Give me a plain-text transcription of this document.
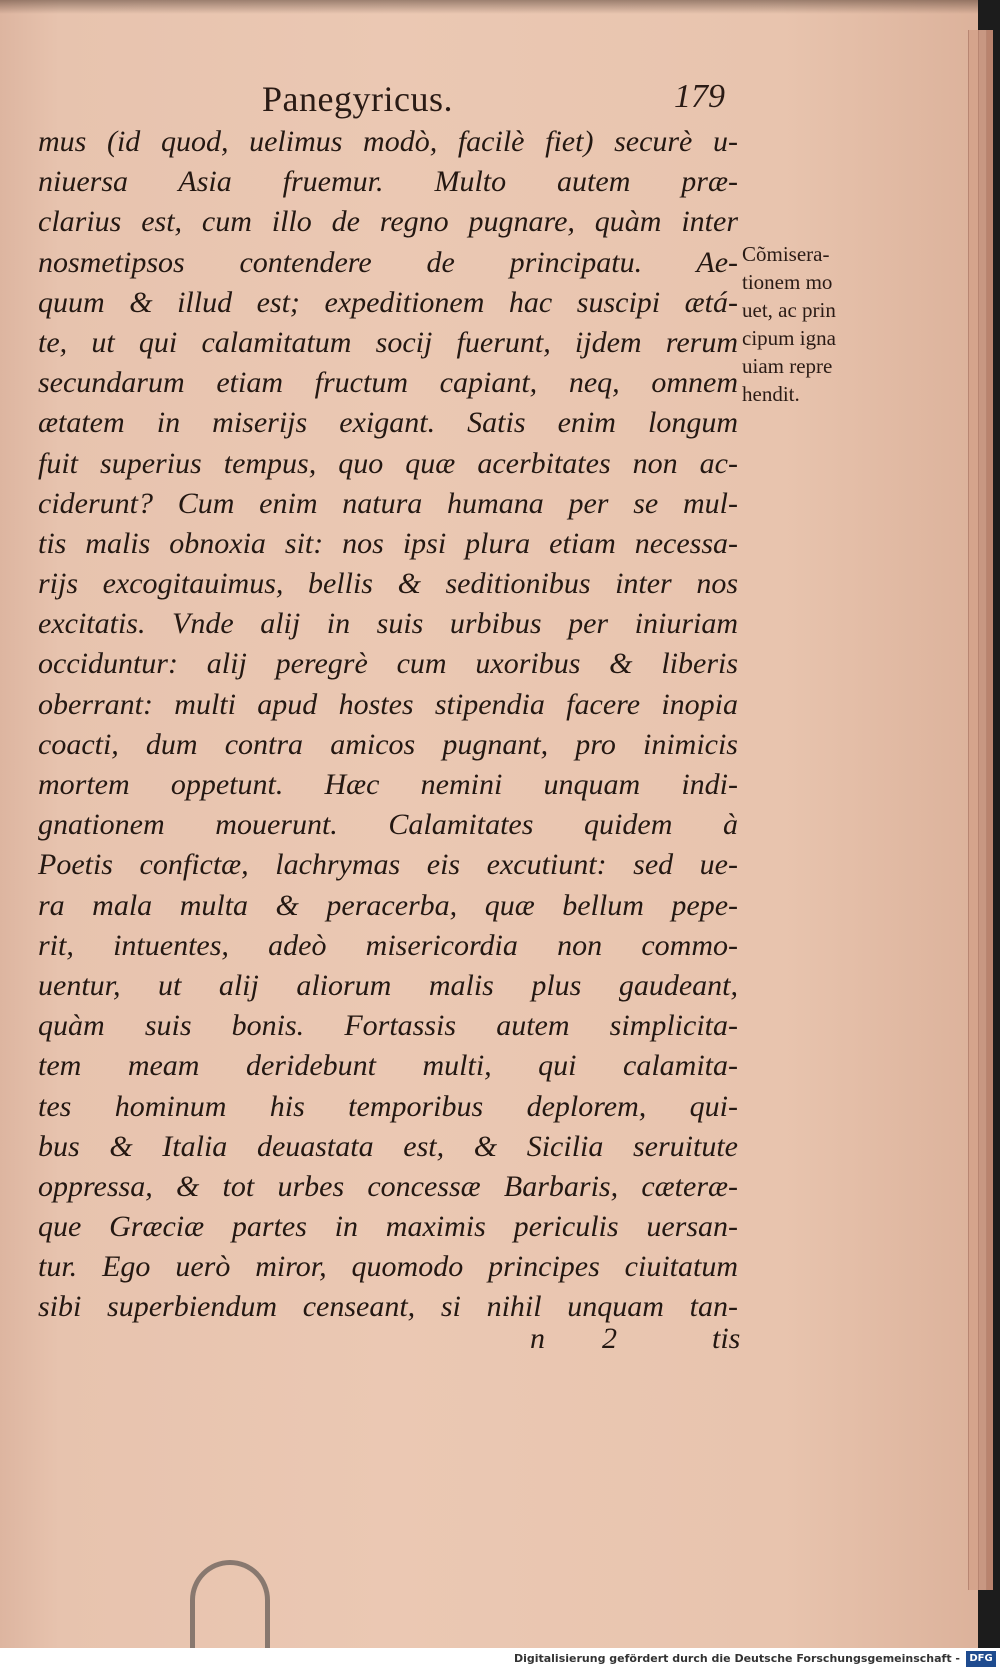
Panegyricus.	179
mus (id quod, uelimus modò, facilè fiet) securè u-
niuersa Asia fruemur. Multo autem præ-
clarius est, cum illo de regno pugnare, quàm inter
nosmetipsos contendere de principatu. Ae-
quum & illud est; expeditionem hac suscipi ætá-
te, ut qui calamitatum socij fuerunt, ijdem rerum
secundarum etiam fructum capiant, neq, omnem
ætatem in miserijs exigant. Satis enim longum
fuit superius tempus, quo quæ acerbitates non ac-
ciderunt? Cum enim natura humana per se mul-
tis malis obnoxia sit: nos ipsi plura etiam necessa-
rijs excogitauimus, bellis & seditionibus inter nos
excitatis. Vnde alij in suis urbibus per iniuriam
occiduntur: alij peregrè cum uxoribus & liberis
oberrant: multi apud hostes stipendia facere inopia
coacti, dum contra amicos pugnant, pro inimicis
mortem oppetunt. Hæc nemini unquam indi-
gnationem mouerunt. Calamitates quidem à
Poetis confictæ, lachrymas eis excutiunt: sed ue-
ra mala multa & peracerba, quæ bellum pepe-
rit, intuentes, adeò misericordia non commo-
uentur, ut alij aliorum malis plus gaudeant,
quàm suis bonis. Fortassis autem simplicita-
tem meam deridebunt multi, qui calamita-
tes hominum his temporibus deplorem, qui-
bus & Italia deuastata est, & Sicilia seruitute
oppressa, & tot urbes concessæ Barbaris, cæteræ-
que Græciæ partes in maximis periculis uersan-
tur. Ego uerò miror, quomodo principes ciuitatum
sibi superbiendum censeant, si nihil unquam tan-
Cõmisera-
tionem mo
uet, ac prin
cipum igna
uiam repre
hendit.
n 2	tis
Digitalisierung gefördert durch die Deutsche Forschungsgemeinschaft - DFG
